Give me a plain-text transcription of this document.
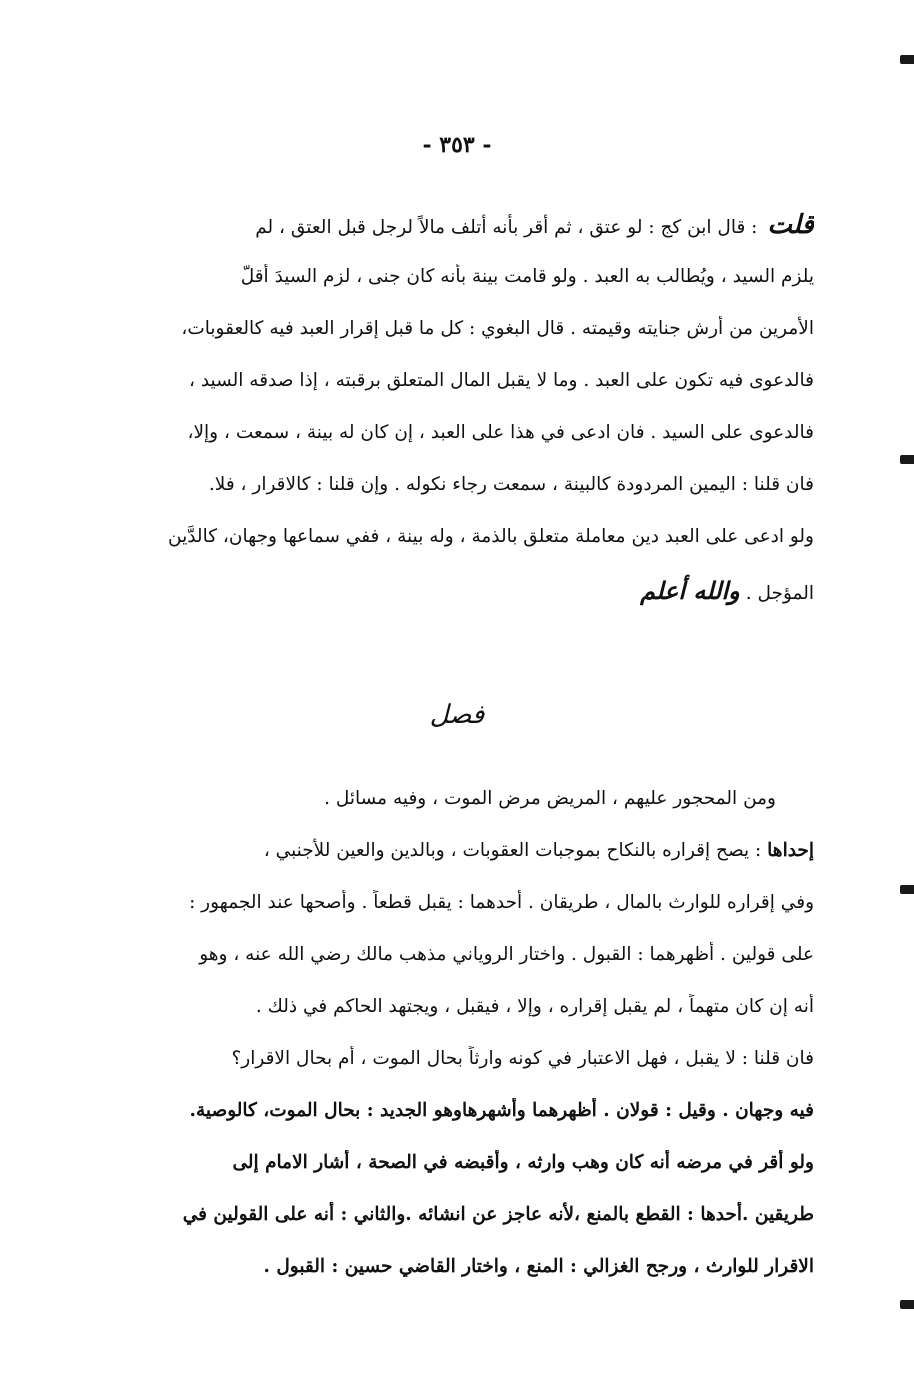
- ٣٥٣ -
قلت: قال ابن كج : لو عتق ، ثم أقر بأنه أتلف مالاً لرجل قبل العتق ، لم
يلزم السيد ، ويُطالب به العبد . ولو قامت بينة بأنه كان جنى ، لزم السيدَ أقلّ
الأمرين من أرش جنايته وقيمته . قال البغوي : كل ما قبل إقرار العبد فيه كالعقوبات،
فالدعوى فيه تكون على العبد . وما لا يقبل المال المتعلق برقبته ، إذا صدقه السيد ،
فالدعوى على السيد . فان ادعى في هذا على العبد ، إن كان له بينة ، سمعت ، وإلا،
فان قلنا : اليمين المردودة كالبينة ، سمعت رجاء نكوله . وإن قلنا : كالاقرار ، فلا.
ولو ادعى على العبد دين معاملة متعلق بالذمة ، وله بينة ، ففي سماعها وجهان، كالدَّين
المؤجل .والله أعلم
فصل
ومن المحجور عليهم ، المريض مرض الموت ، وفيه مسائل .
إحداها : يصح إقراره بالنكاح بموجبات العقوبات ، وبالدين والعين للأجنبي ،
وفي إقراره للوارث بالمال ، طريقان . أحدهما : يقبل قطعاً . وأصحها عند الجمهور :
على قولين . أظهرهما : القبول . واختار الروياني مذهب مالك رضي الله عنه ، وهو
أنه إن كان متهماً ، لم يقبل إقراره ، وإلا ، فيقبل ، ويجتهد الحاكم في ذلك .
فان قلنا : لا يقبل ، فهل الاعتبار في كونه وارثاً بحال الموت ، أم بحال الاقرار؟
فيه وجهان . وقيل : قولان . أظهرهما وأشهرهاوهو الجديد : بحال الموت، كالوصية.
ولو أقر في مرضه أنه كان وهب وارثه ، وأقبضه في الصحة ، أشار الامام إلى
طريقين .أحدها : القطع بالمنع ،لأنه عاجز عن انشائه .والثاني : أنه على القولين في
الاقرار للوارث ، ورجح الغزالي : المنع ، واختار القاضي حسين : القبول .
